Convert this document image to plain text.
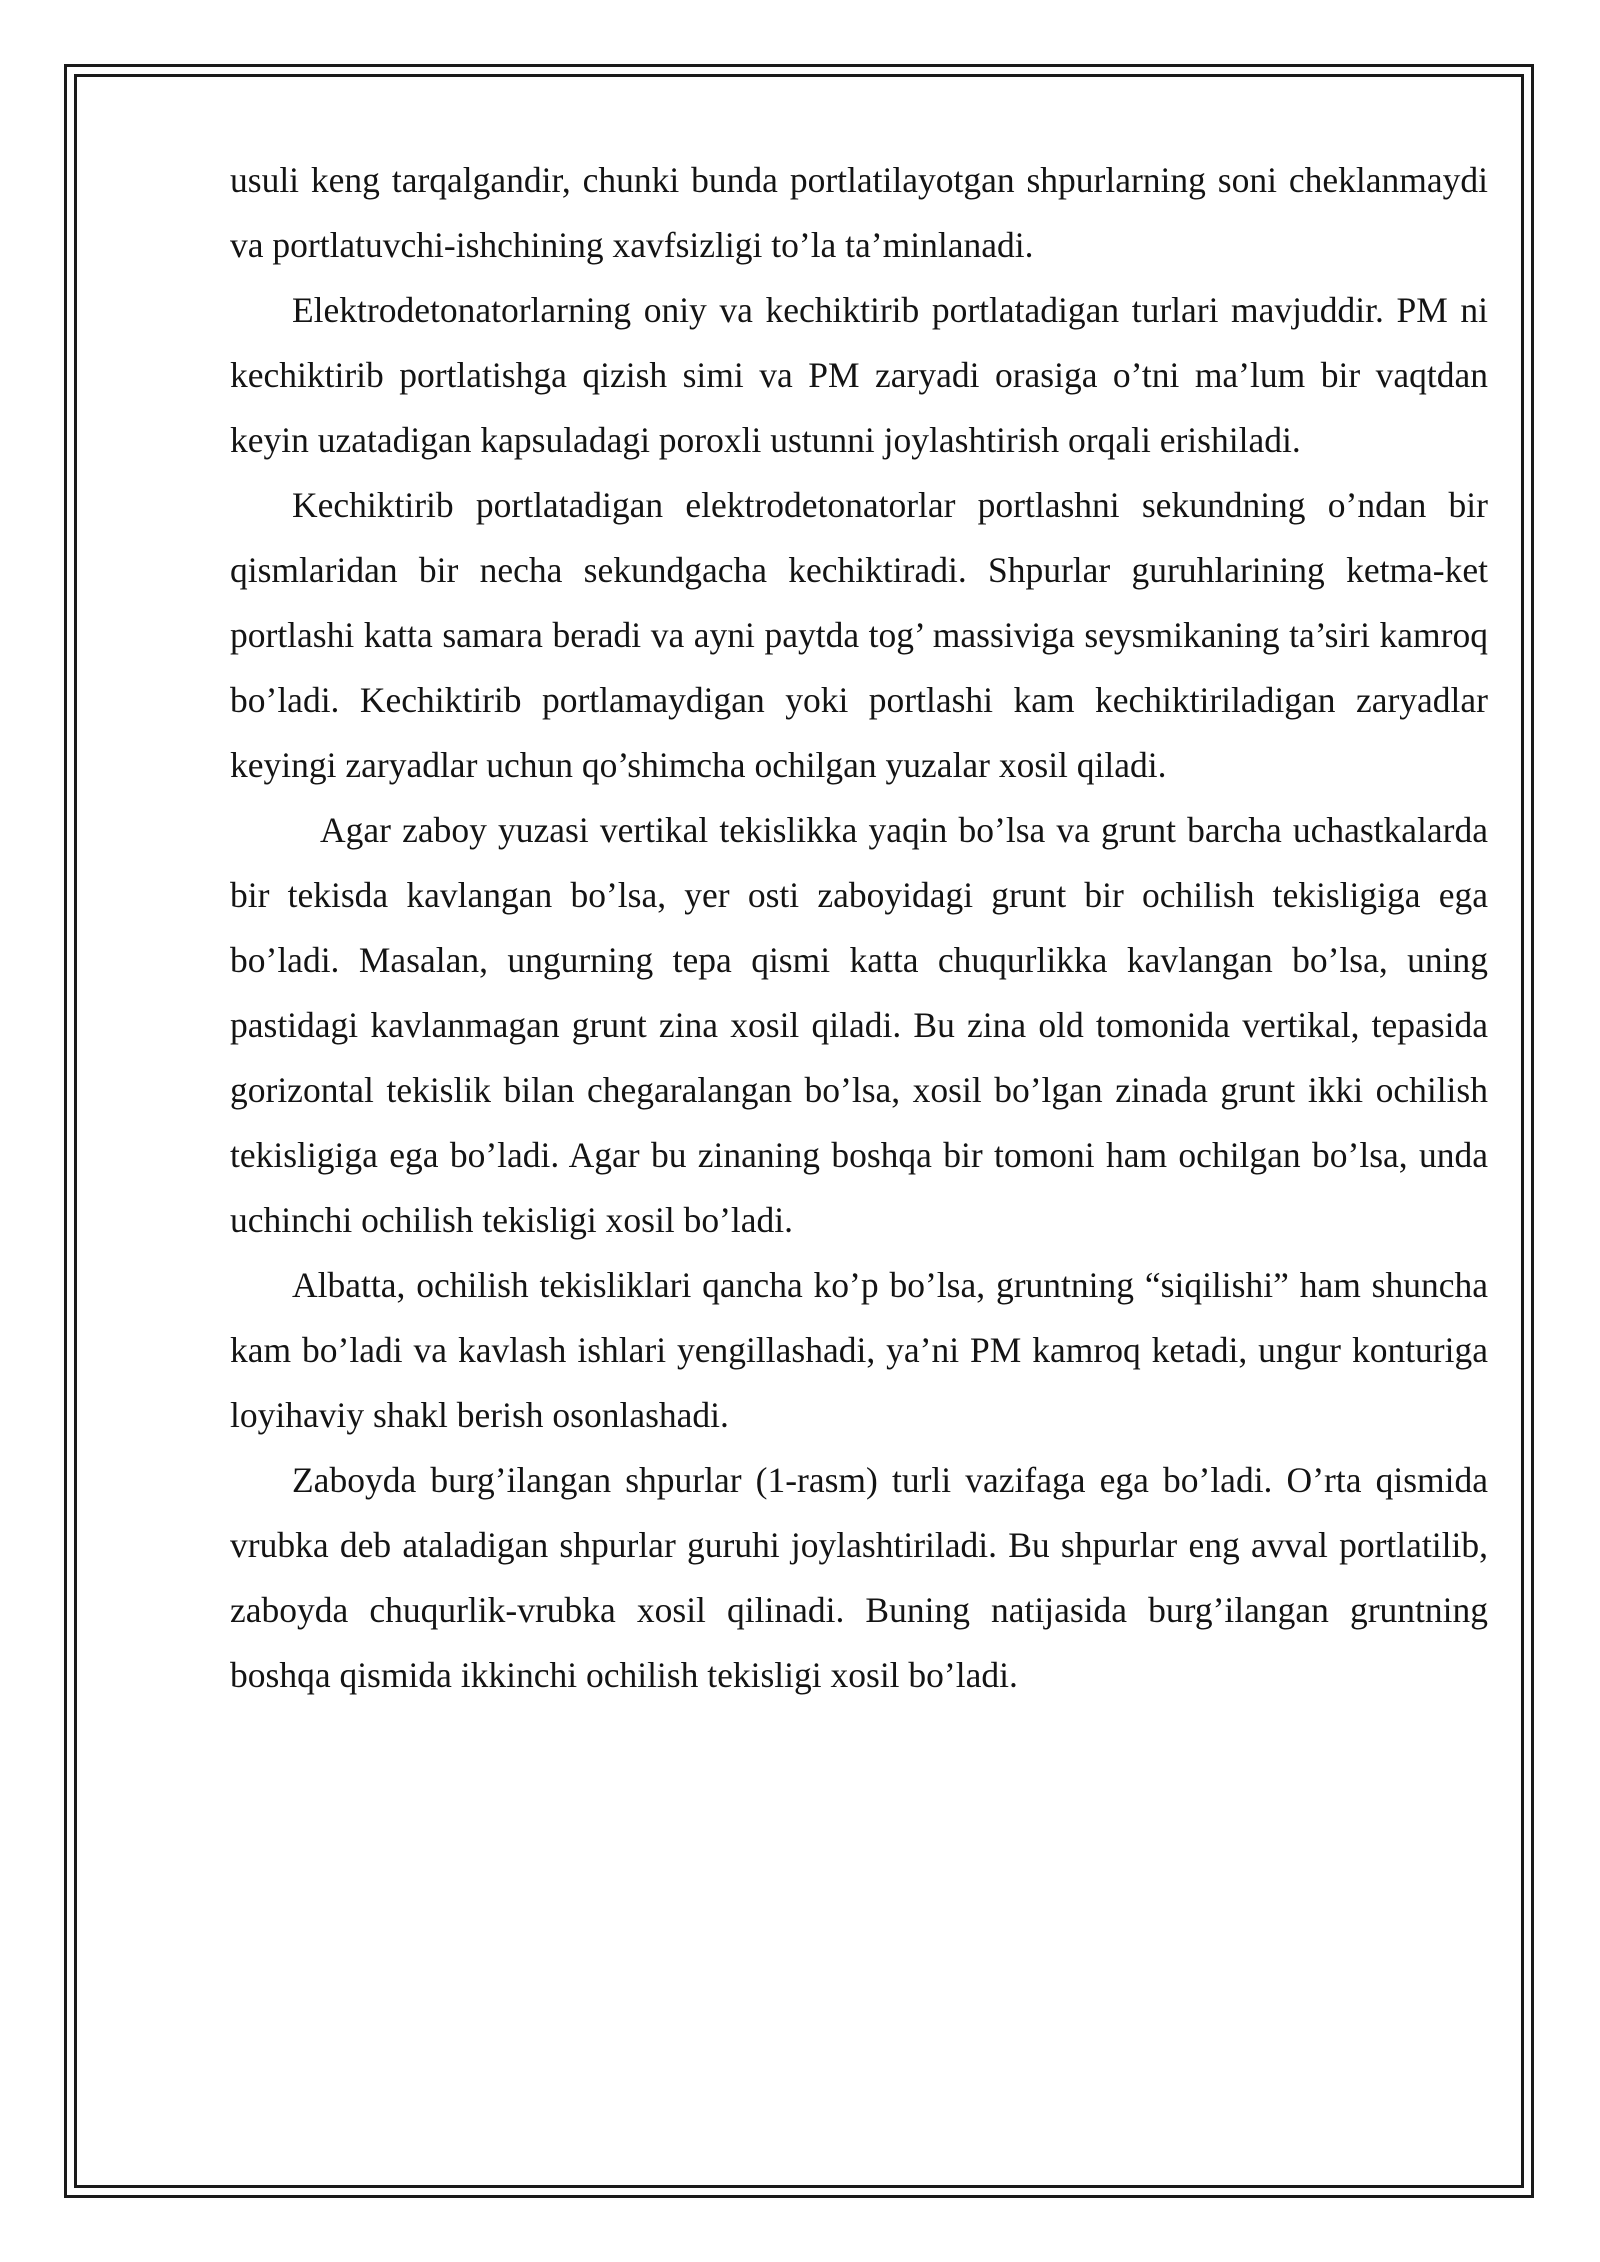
usuli keng tarqalgandir, chunki bunda portlatilayotgan shpurlarning soni cheklanmaydi va portlatuvchi-ishchining xavfsizligi to’la ta’minlanadi.

Elektrodetonatorlarning oniy va kechiktirib portlatadigan turlari mavjuddir. PM ni kechiktirib portlatishga qizish simi va PM zaryadi orasiga o’tni ma’lum bir vaqtdan keyin uzatadigan kapsuladagi poroxli ustunni joylashtirish orqali erishiladi.

Kechiktirib portlatadigan elektrodetonatorlar portlashni sekundning o’ndan bir qismlaridan bir necha sekundgacha kechiktiradi. Shpurlar guruhlarining ketma-ket portlashi katta samara beradi va ayni paytda tog’ massiviga seysmikaning ta’siri kamroq bo’ladi. Kechiktirib portlamaydigan yoki portlashi kam kechiktiriladigan zaryadlar keyingi zaryadlar uchun qo’shimcha ochilgan yuzalar xosil qiladi.

Agar zaboy yuzasi vertikal tekislikka yaqin bo’lsa va grunt barcha uchastkalarda bir tekisda kavlangan bo’lsa, yer osti zaboyidagi grunt bir ochilish tekisligiga ega bo’ladi. Masalan, ungurning tepa qismi katta chuqurlikka kavlangan bo’lsa, uning pastidagi kavlanmagan grunt zina xosil qiladi. Bu zina old tomonida vertikal, tepasida gorizontal tekislik bilan chegaralangan bo’lsa, xosil bo’lgan zinada grunt ikki ochilish tekisligiga ega bo’ladi. Agar bu zinaning boshqa bir tomoni ham ochilgan bo’lsa, unda uchinchi ochilish tekisligi xosil bo’ladi.

Albatta, ochilish tekisliklari qancha ko’p bo’lsa, gruntning “siqilishi” ham shuncha kam bo’ladi va kavlash ishlari yengillashadi, ya’ni PM kamroq ketadi, ungur konturiga loyihaviy shakl berish osonlashadi.

Zaboyda burg’ilangan shpurlar (1-rasm) turli vazifaga ega bo’ladi. O’rta qismida vrubka deb ataladigan shpurlar guruhi joylashtiriladi. Bu shpurlar eng avval portlatilib, zaboyda chuqurlik-vrubka xosil qilinadi. Buning natijasida burg’ilangan gruntning boshqa qismida ikkinchi ochilish tekisligi xosil bo’ladi.
